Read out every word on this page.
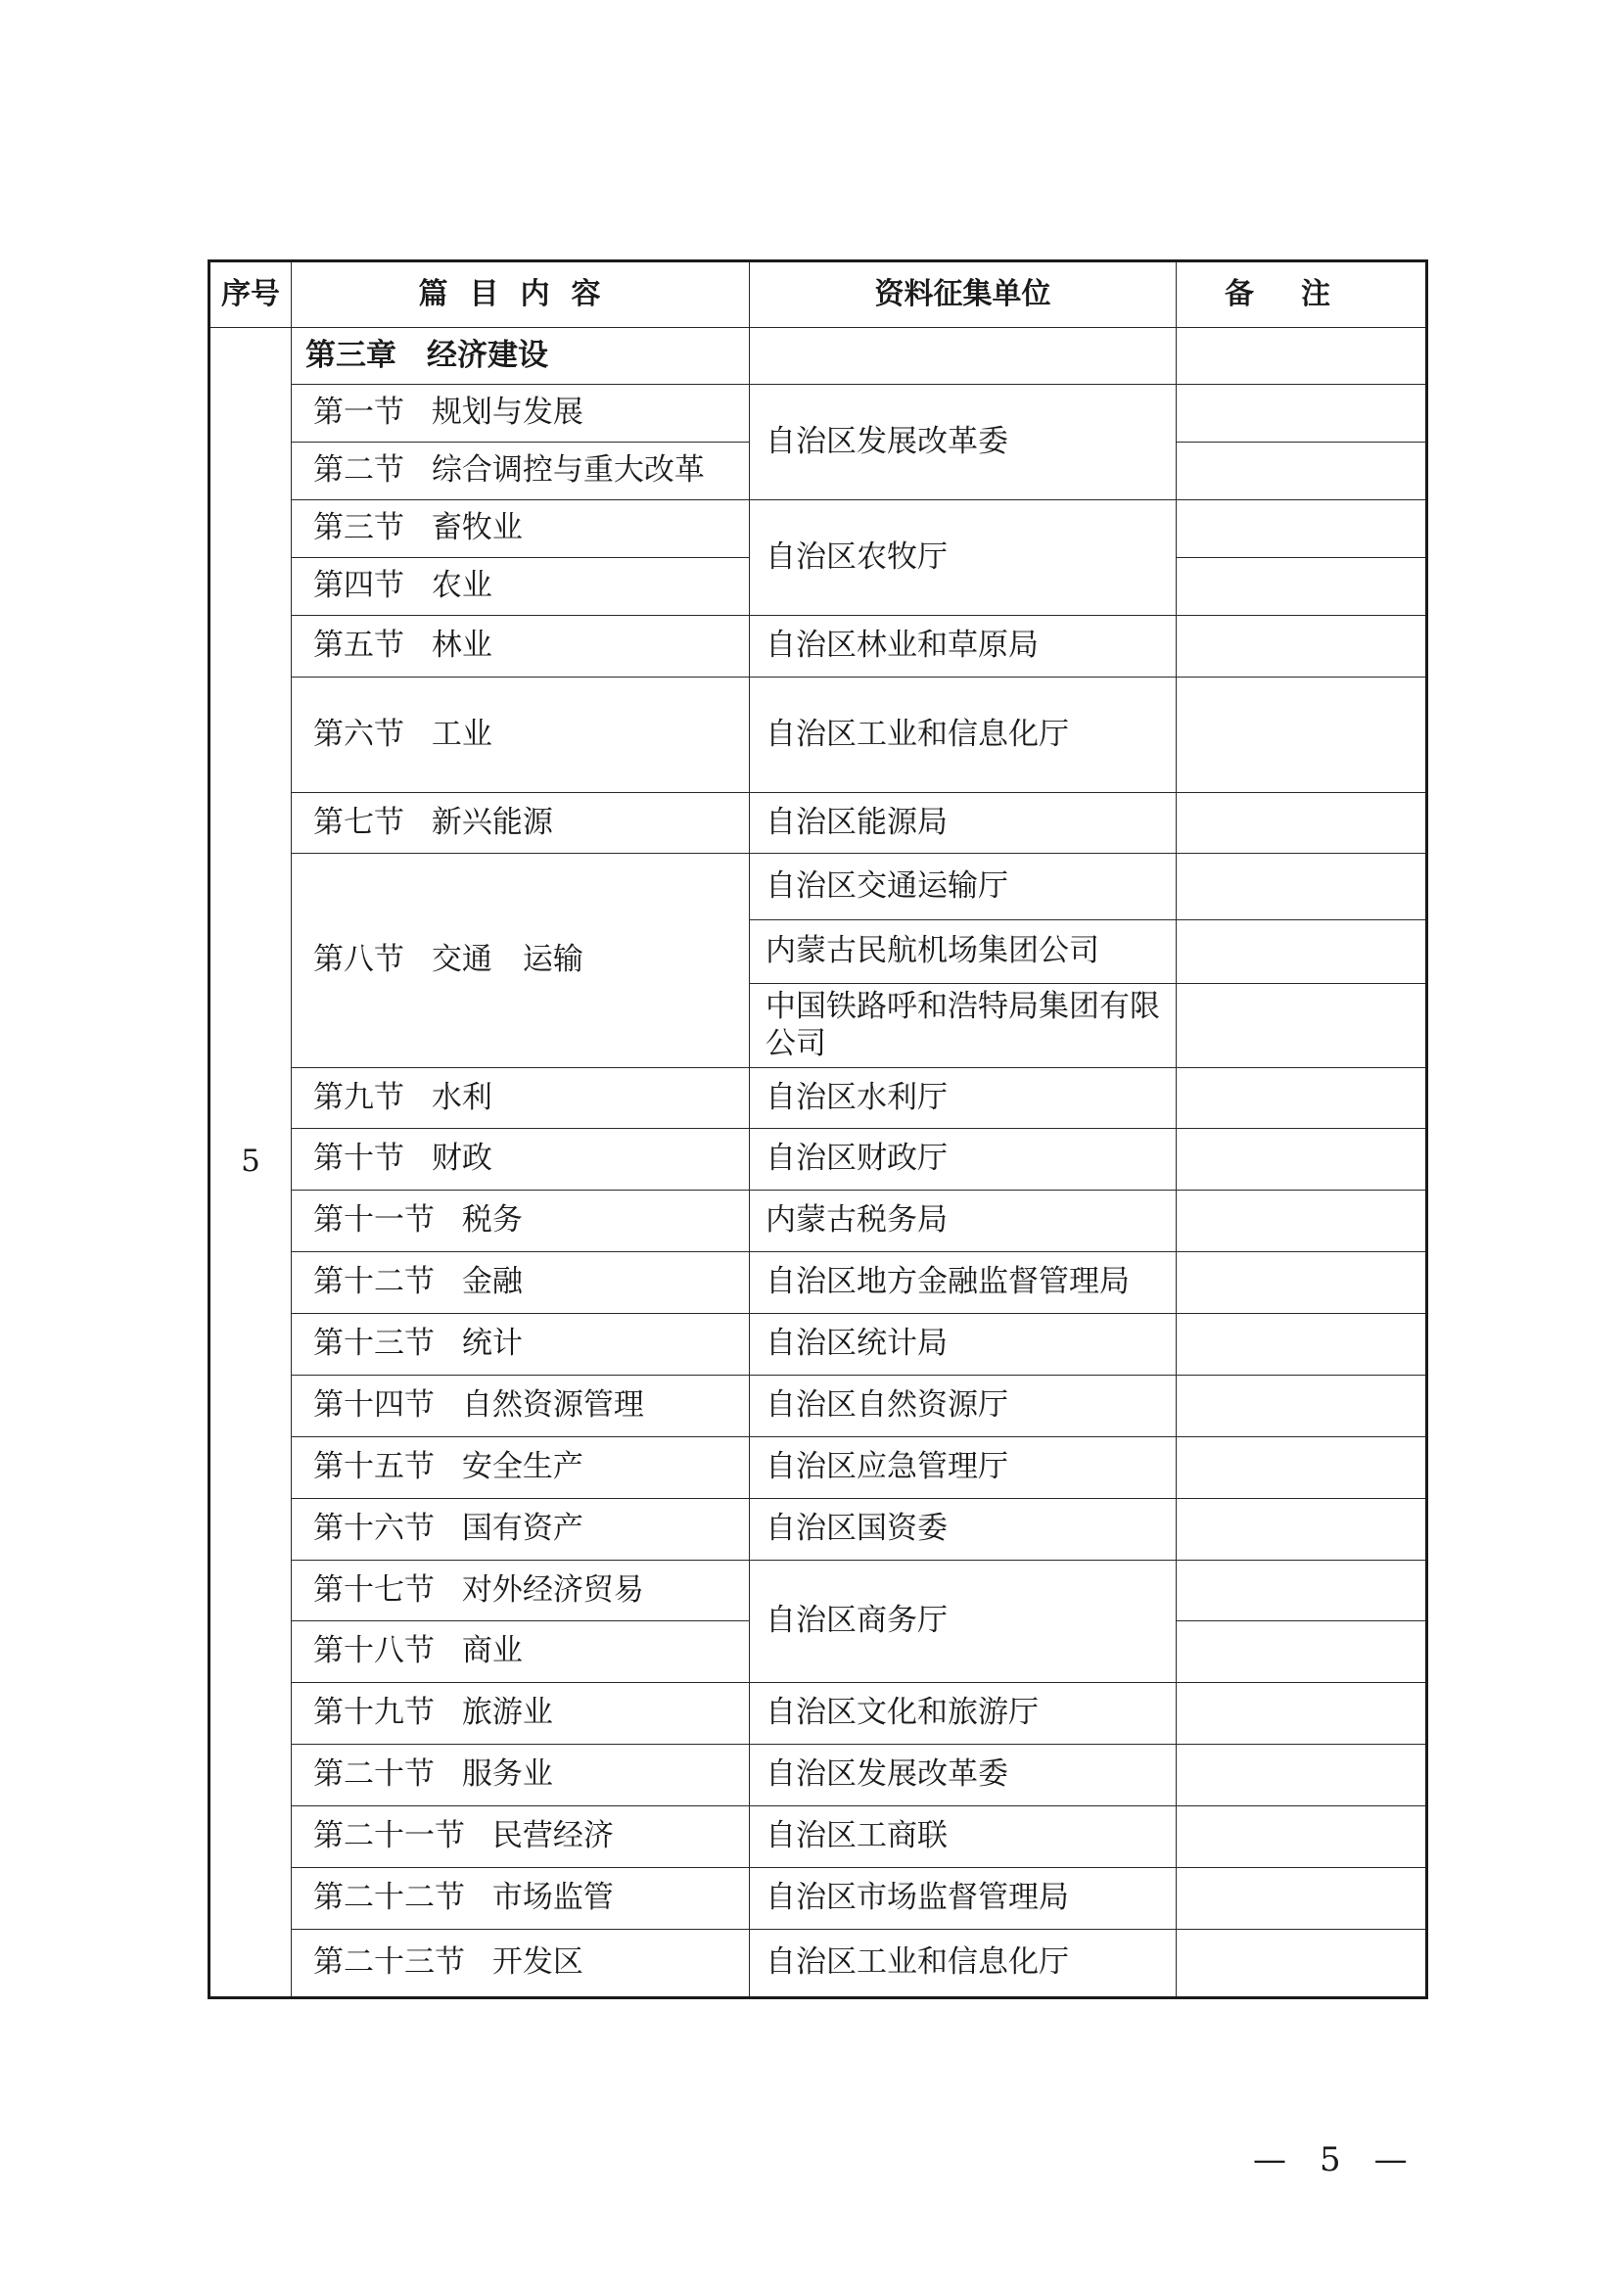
序号	篇目内容	资料征集单位	备注
5	第三章　经济建设		
	第一节 规划与发展	自治区发展改革委	
	第二节 综合调控与重大改革		
	第三节 畜牧业	自治区农牧厅	
	第四节 农业		
	第五节 林业	自治区林业和草原局	
	第六节 工业	自治区工业和信息化厅	
	第七节 新兴能源	自治区能源局	
	第八节 交通　运输	自治区交通运输厅	
		内蒙古民航机场集团公司	
		中国铁路呼和浩特局集团有限公司	
	第九节 水利	自治区水利厅	
	第十节 财政	自治区财政厅	
	第十一节 税务	内蒙古税务局	
	第十二节 金融	自治区地方金融监督管理局	
	第十三节 统计	自治区统计局	
	第十四节 自然资源管理	自治区自然资源厅	
	第十五节 安全生产	自治区应急管理厅	
	第十六节 国有资产	自治区国资委	
	第十七节 对外经济贸易	自治区商务厅	
	第十八节 商业		
	第十九节 旅游业	自治区文化和旅游厅	
	第二十节 服务业	自治区发展改革委	
	第二十一节 民营经济	自治区工商联	
	第二十二节 市场监管	自治区市场监督管理局	
	第二十三节 开发区	自治区工业和信息化厅	
—　5　—
